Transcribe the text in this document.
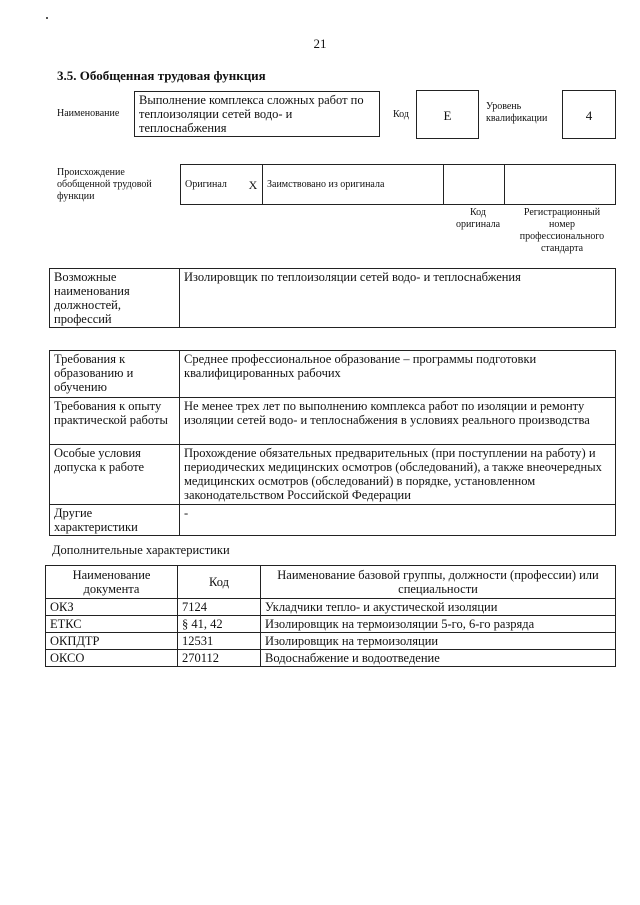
21
3.5. Обобщенная трудовая функция
Наименование
Выполнение комплекса сложных работ по теплоизоляции сетей водо- и теплоснабжения
Код	E
Уровень квалификации	4
Происхождение обобщенной трудовой функции
Оригинал	X	Заимствовано из оригинала		
Код оригинала
Регистрационный номер профессионального стандарта
Возможные наименования должностей, профессий	Изолировщик по теплоизоляции сетей водо- и теплоснабжения
Требования к образованию и обучению	Среднее профессиональное образование – программы подготовки квалифицированных рабочих
Требования к опыту практической работы	Не менее трех лет по выполнению комплекса работ по изоляции и ремонту изоляции сетей водо- и теплоснабжения в условиях реального производства
Особые условия допуска к работе	Прохождение обязательных предварительных (при поступлении на работу) и периодических медицинских осмотров (обследований), а также внеочередных медицинских осмотров (обследований) в порядке, установленном законодательством Российской Федерации
Другие характеристики	-
Дополнительные характеристики
Наименование документа	Код	Наименование базовой группы, должности (профессии) или специальности
ОКЗ	7124	Укладчики тепло- и акустической изоляции
ЕТКС	§ 41, 42	Изолировщик на термоизоляции 5-го, 6-го разряда
ОКПДТР	12531	Изолировщик на термоизоляции
ОКСО	270112	Водоснабжение и водоотведение
